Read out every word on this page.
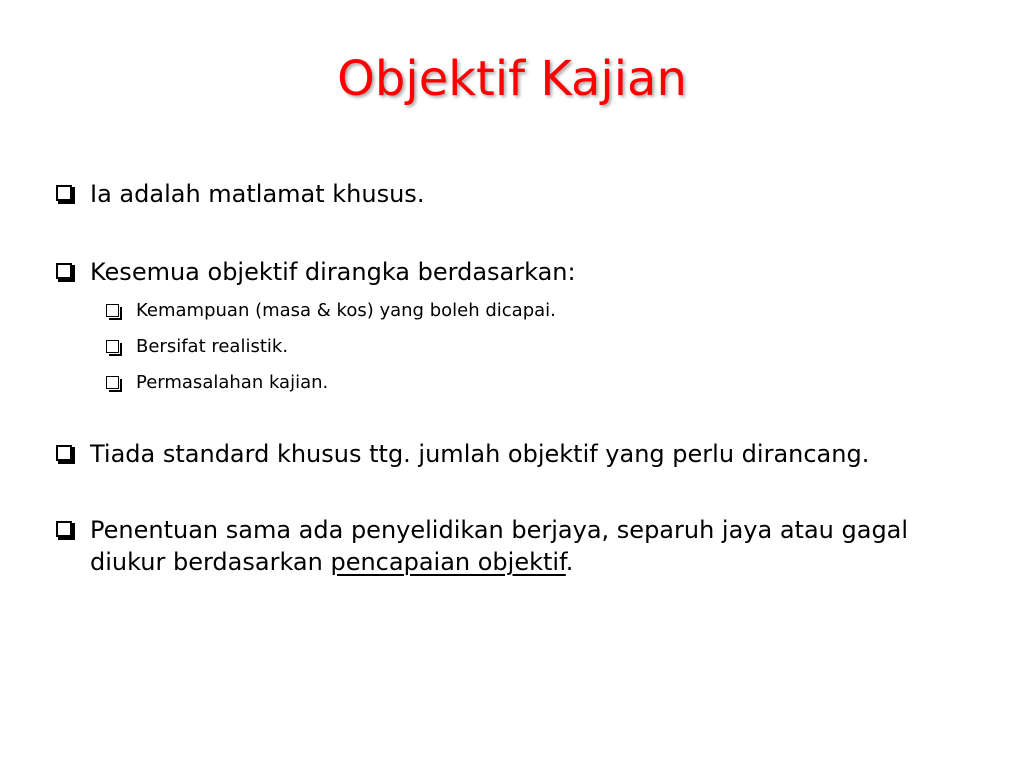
Objektif Kajian
Ia adalah matlamat khusus.
Kesemua objektif dirangka berdasarkan:
Kemampuan (masa & kos) yang boleh dicapai.
Bersifat realistik.
Permasalahan kajian.
Tiada standard khusus ttg. jumlah objektif yang perlu dirancang.
Penentuan sama ada penyelidikan berjaya, separuh jaya atau gagal diukur berdasarkan pencapaian objektif.
